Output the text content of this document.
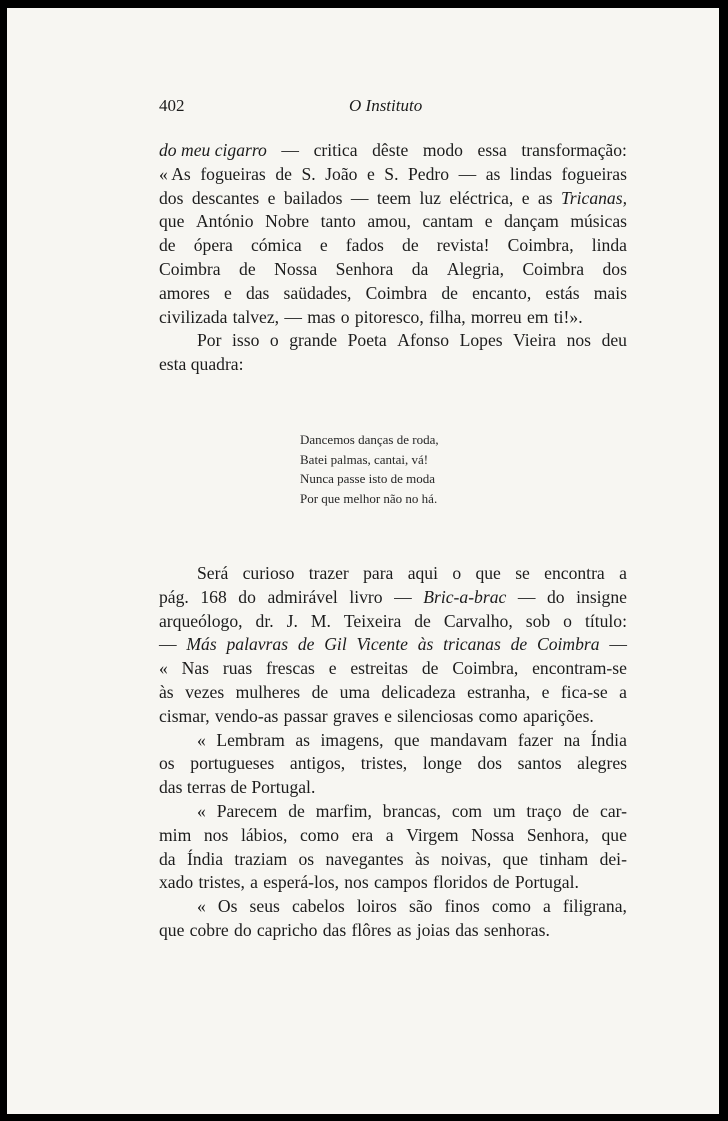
402	O Instituto
do meu cigarro — critica dêste modo essa transformação:
« As fogueiras de S. João e S. Pedro — as lindas fogueiras
dos descantes e bailados — teem luz eléctrica, e as Tricanas,
que António Nobre tanto amou, cantam e dançam músicas
de ópera cómica e fados de revista! Coimbra, linda
Coimbra de Nossa Senhora da Alegria, Coimbra dos
amores e das saüdades, Coimbra de encanto, estás mais
civilizada talvez, — mas o pitoresco, filha, morreu em ti!».
Por isso o grande Poeta Afonso Lopes Vieira nos deu
esta quadra:
Dancemos danças de roda,
Batei palmas, cantai, vá!
Nunca passe isto de moda
Por que melhor não no há.
Será curioso trazer para aqui o que se encontra a
pág. 168 do admirável livro — Bric-a-brac — do insigne
arqueólogo, dr. J. M. Teixeira de Carvalho, sob o título:
— Más palavras de Gil Vicente às tricanas de Coimbra —
« Nas ruas frescas e estreitas de Coimbra, encontram-se
às vezes mulheres de uma delicadeza estranha, e fica-se a
cismar, vendo-as passar graves e silenciosas como aparições.
« Lembram as imagens, que mandavam fazer na Índia
os portugueses antigos, tristes, longe dos santos alegres
das terras de Portugal.
« Parecem de marfim, brancas, com um traço de car-
mim nos lábios, como era a Virgem Nossa Senhora, que
da Índia traziam os navegantes às noivas, que tinham dei-
xado tristes, a esperá-los, nos campos floridos de Portugal.
« Os seus cabelos loiros são finos como a filigrana,
que cobre do capricho das flôres as joias das senhoras.
